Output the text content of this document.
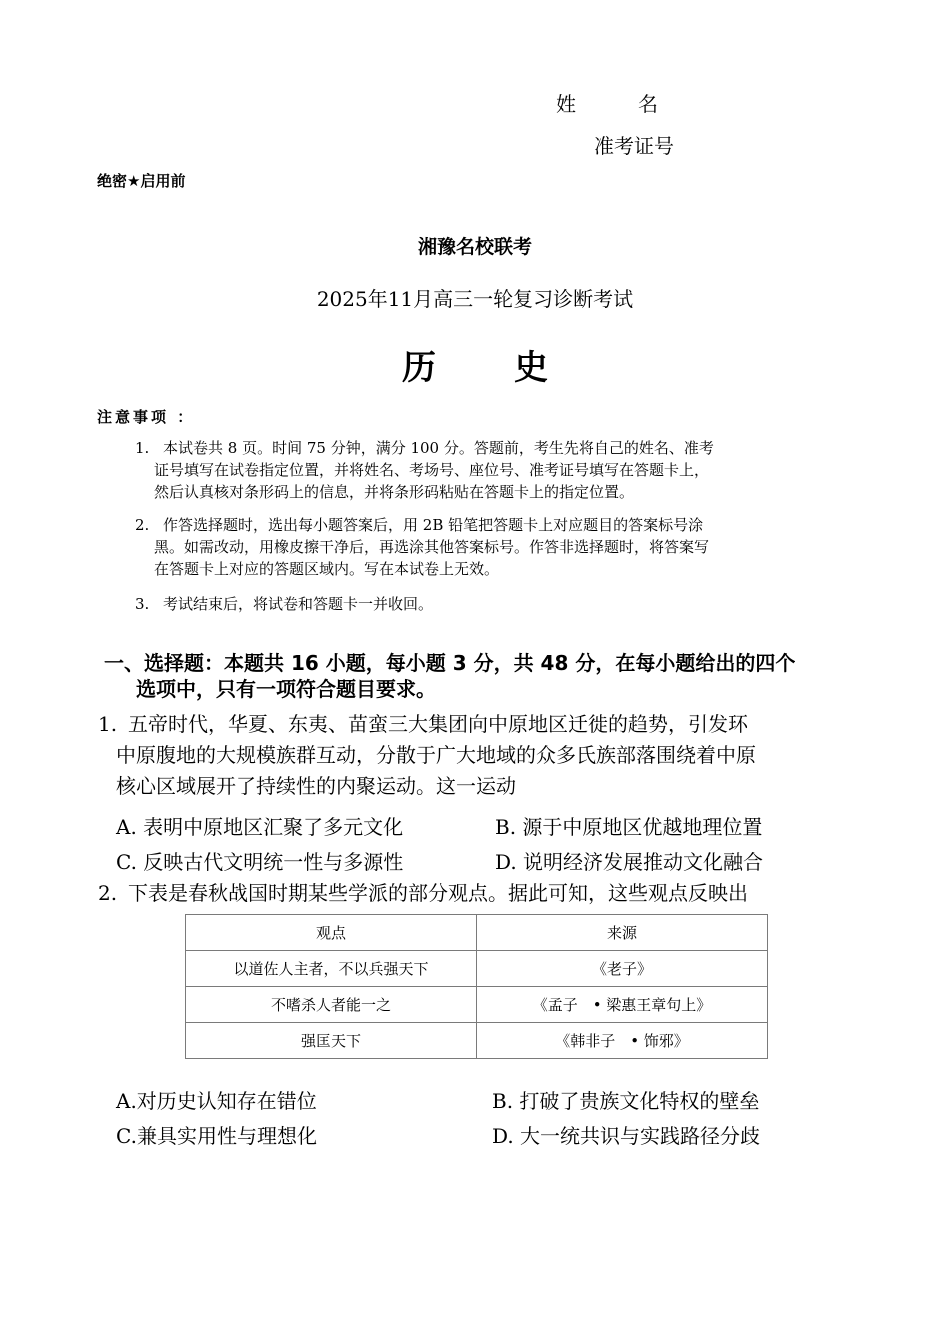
姓名
准考证号
绝密★启用前
湘豫名校联考
2025年11月高三一轮复习诊断考试
历史
注意事项 ：
1. 本试卷共 8 页。时间 75 分钟，满分 100 分。答题前，考生先将自己的姓名、准考
证号填写在试卷指定位置，并将姓名、考场号、座位号、准考证号填写在答题卡上，
然后认真核对条形码上的信息，并将条形码粘贴在答题卡上的指定位置。
2. 作答选择题时，选出每小题答案后，用 2B 铅笔把答题卡上对应题目的答案标号涂
黑。如需改动，用橡皮擦干净后，再选涂其他答案标号。作答非选择题时，将答案写
在答题卡上对应的答题区域内。写在本试卷上无效。
3. 考试结束后，将试卷和答题卡一并收回。
一、选择题：本题共 16 小题，每小题 3 分，共 48 分，在每小题给出的四个
选项中，只有一项符合题目要求。
1. 五帝时代，华夏、东夷、苗蛮三大集团向中原地区迁徙的趋势，引发环
中原腹地的大规模族群互动，分散于广大地域的众多氏族部落围绕着中原
核心区域展开了持续性的内聚运动。这一运动
A. 表明中原地区汇聚了多元文化	B. 源于中原地区优越地理位置
C. 反映古代文明统一性与多源性	D. 说明经济发展推动文化融合
2. 下表是春秋战国时期某些学派的部分观点。据此可知，这些观点反映出
观点	来源
以道佐人主者，不以兵强天下	《老子》
不嗜杀人者能一之	《孟子　• 梁惠王章句上》
强匡天下	《韩非子　• 饰邪》
A.对历史认知存在错位	B. 打破了贵族文化特权的壁垒
C.兼具实用性与理想化	D. 大一统共识与实践路径分歧
